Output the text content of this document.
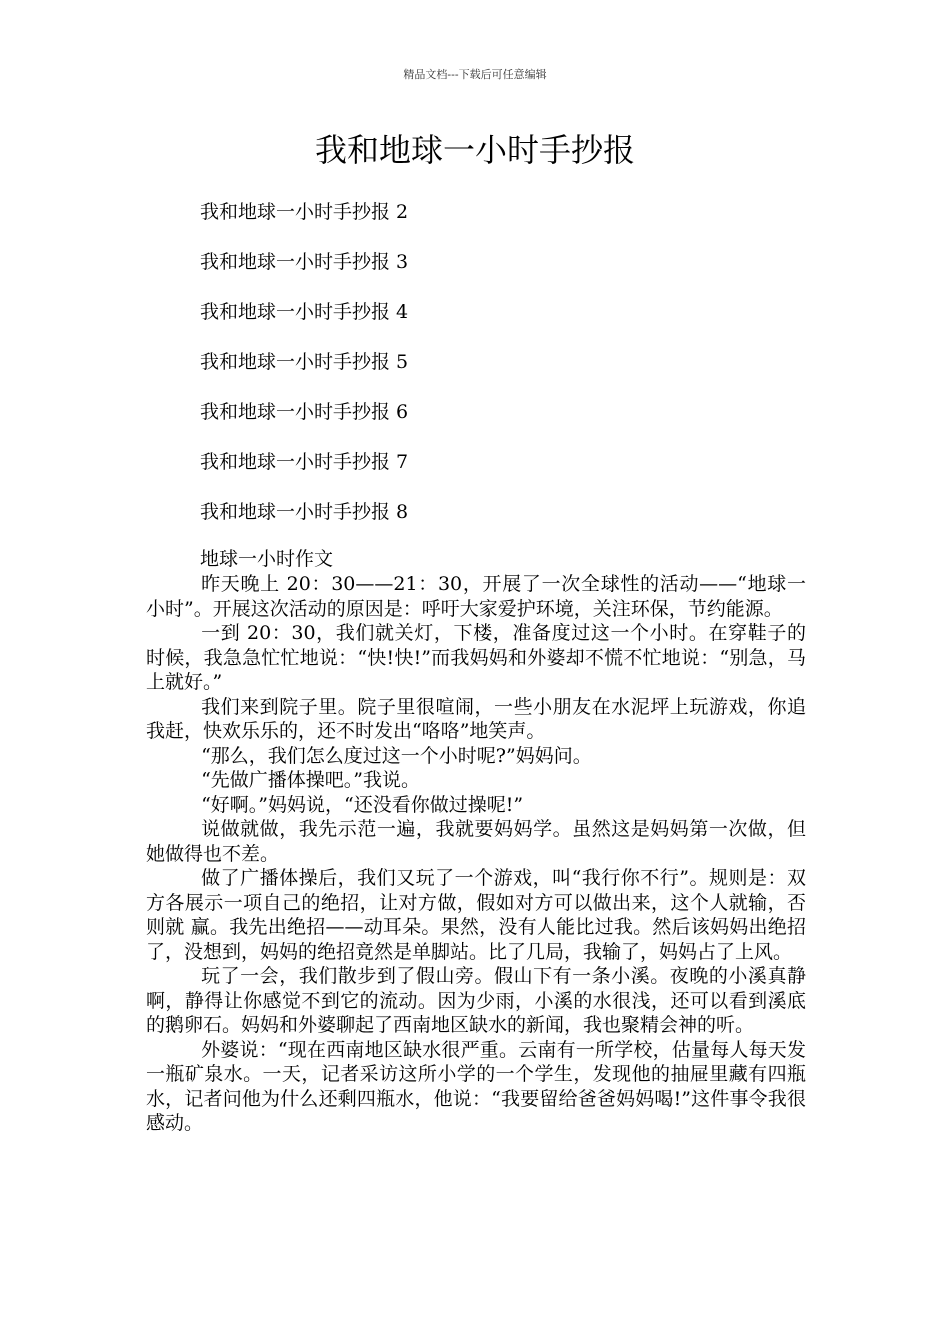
精品文档---下载后可任意编辑
我和地球一小时手抄报
我和地球一小时手抄报 2
我和地球一小时手抄报 3
我和地球一小时手抄报 4
我和地球一小时手抄报 5
我和地球一小时手抄报 6
我和地球一小时手抄报 7
我和地球一小时手抄报 8
地球一小时作文

昨天晚上 20：30——21：30，开展了一次全球性的活动——“地球一小时”。开展这次活动的原因是：呼吁大家爱护环境，关注环保，节约能源。

一到 20：30，我们就关灯，下楼，准备度过这一个小时。在穿鞋子的时候，我急急忙忙地说：“快!快!”而我妈妈和外婆却不慌不忙地说：“别急，马上就好。”

我们来到院子里。院子里很喧闹，一些小朋友在水泥坪上玩游戏，你追我赶，快欢乐乐的，还不时发出“咯咯”地笑声。

“那么，我们怎么度过这一个小时呢?”妈妈问。

“先做广播体操吧。”我说。

“好啊。”妈妈说，“还没看你做过操呢!”

说做就做，我先示范一遍，我就要妈妈学。虽然这是妈妈第一次做，但她做得也不差。

做了广播体操后，我们又玩了一个游戏，叫“我行你不行”。规则是：双方各展示一项自己的绝招，让对方做，假如对方可以做出来，这个人就输，否则就 赢。我先出绝招——动耳朵。果然，没有人能比过我。然后该妈妈出绝招了，没想到，妈妈的绝招竟然是单脚站。比了几局，我输了，妈妈占了上风。

玩了一会，我们散步到了假山旁。假山下有一条小溪。夜晚的小溪真静啊，静得让你感觉不到它的流动。因为少雨，小溪的水很浅，还可以看到溪底的鹅卵石。妈妈和外婆聊起了西南地区缺水的新闻，我也聚精会神的听。

外婆说：“现在西南地区缺水很严重。云南有一所学校，估量每人每天发一瓶矿泉水。一天，记者采访这所小学的一个学生，发现他的抽屉里藏有四瓶水，记者问他为什么还剩四瓶水，他说：“我要留给爸爸妈妈喝!”这件事令我很感动。
